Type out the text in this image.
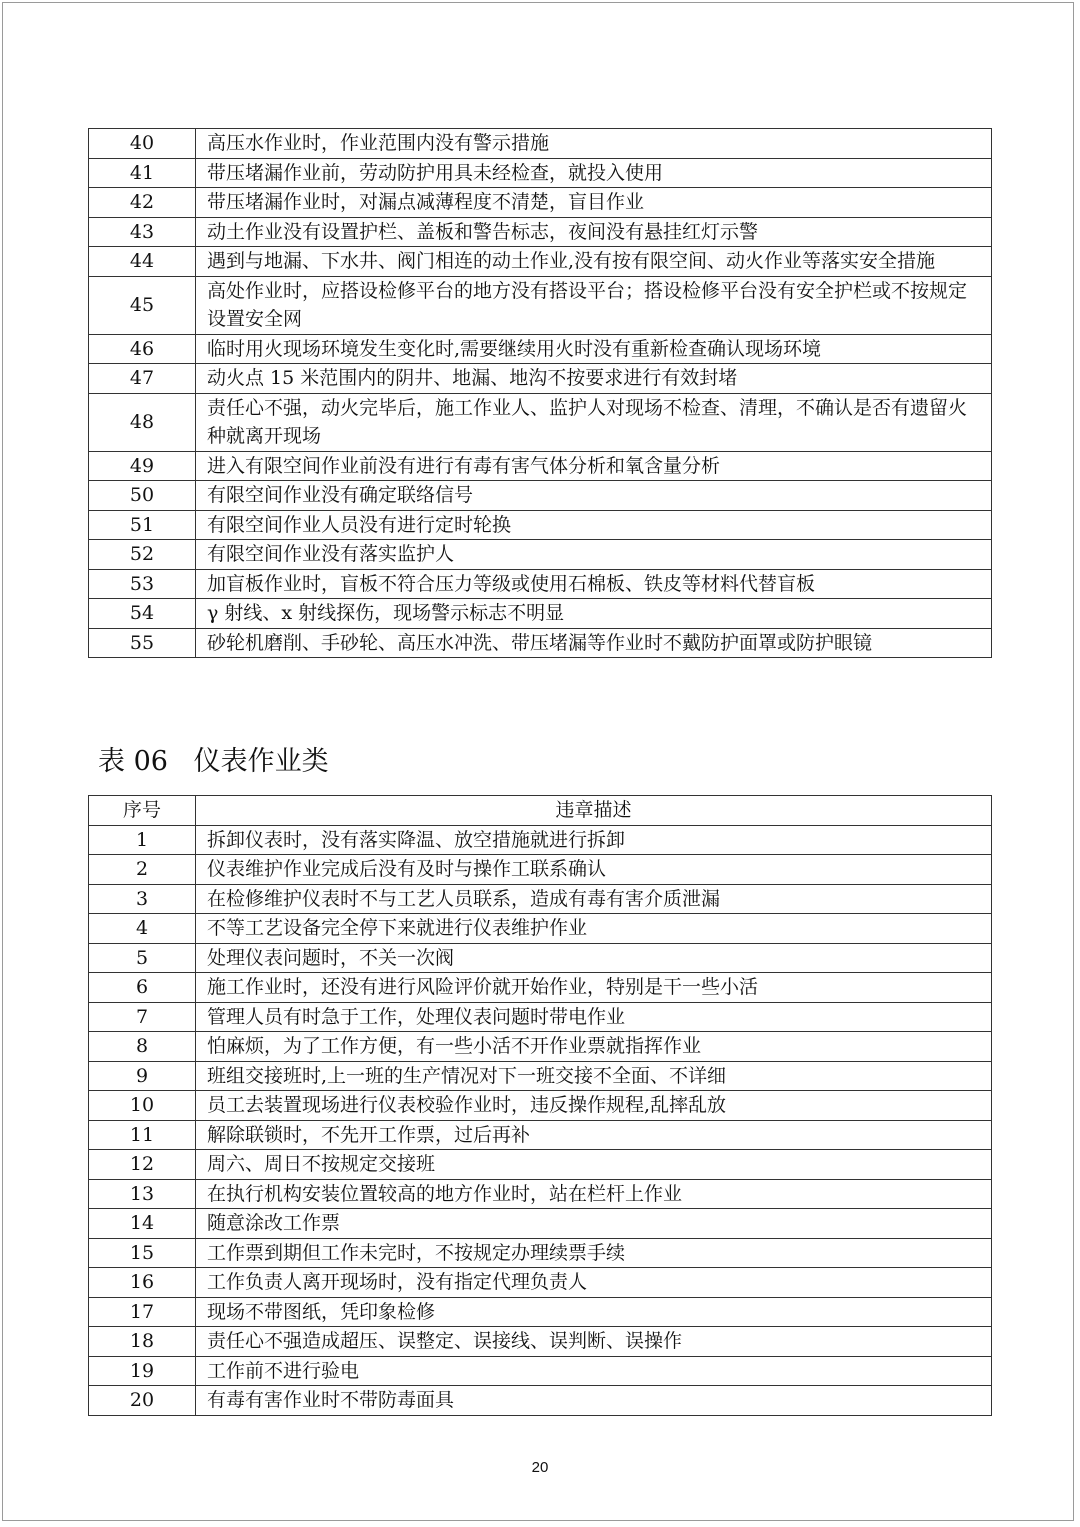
40	高压水作业时，作业范围内没有警示措施
41	带压堵漏作业前，劳动防护用具未经检查，就投入使用
42	带压堵漏作业时，对漏点减薄程度不清楚，盲目作业
43	动土作业没有设置护栏、盖板和警告标志，夜间没有悬挂红灯示警
44	遇到与地漏、下水井、阀门相连的动土作业,没有按有限空间、动火作业等落实安全措施
45	高处作业时，应搭设检修平台的地方没有搭设平台；搭设检修平台没有安全护栏或不按规定设置安全网
46	临时用火现场环境发生变化时,需要继续用火时没有重新检查确认现场环境
47	动火点 15 米范围内的阴井、地漏、地沟不按要求进行有效封堵
48	责任心不强，动火完毕后，施工作业人、监护人对现场不检查、清理，不确认是否有遗留火种就离开现场
49	进入有限空间作业前没有进行有毒有害气体分析和氧含量分析
50	有限空间作业没有确定联络信号
51	有限空间作业人员没有进行定时轮换
52	有限空间作业没有落实监护人
53	加盲板作业时，盲板不符合压力等级或使用石棉板、铁皮等材料代替盲板
54	γ 射线、x 射线探伤，现场警示标志不明显
55	砂轮机磨削、手砂轮、高压水冲洗、带压堵漏等作业时不戴防护面罩或防护眼镜
表 06   仪表作业类
序号	违章描述
1	拆卸仪表时，没有落实降温、放空措施就进行拆卸
2	仪表维护作业完成后没有及时与操作工联系确认
3	在检修维护仪表时不与工艺人员联系，造成有毒有害介质泄漏
4	不等工艺设备完全停下来就进行仪表维护作业
5	处理仪表问题时，不关一次阀
6	施工作业时，还没有进行风险评价就开始作业，特别是干一些小活
7	管理人员有时急于工作，处理仪表问题时带电作业
8	怕麻烦，为了工作方便，有一些小活不开作业票就指挥作业
9	班组交接班时,上一班的生产情况对下一班交接不全面、不详细
10	员工去装置现场进行仪表校验作业时，违反操作规程,乱摔乱放
11	解除联锁时，不先开工作票，过后再补
12	周六、周日不按规定交接班
13	在执行机构安装位置较高的地方作业时，站在栏杆上作业
14	随意涂改工作票
15	工作票到期但工作未完时，不按规定办理续票手续
16	工作负责人离开现场时，没有指定代理负责人
17	现场不带图纸，凭印象检修
18	责任心不强造成超压、误整定、误接线、误判断、误操作
19	工作前不进行验电
20	有毒有害作业时不带防毒面具
20
